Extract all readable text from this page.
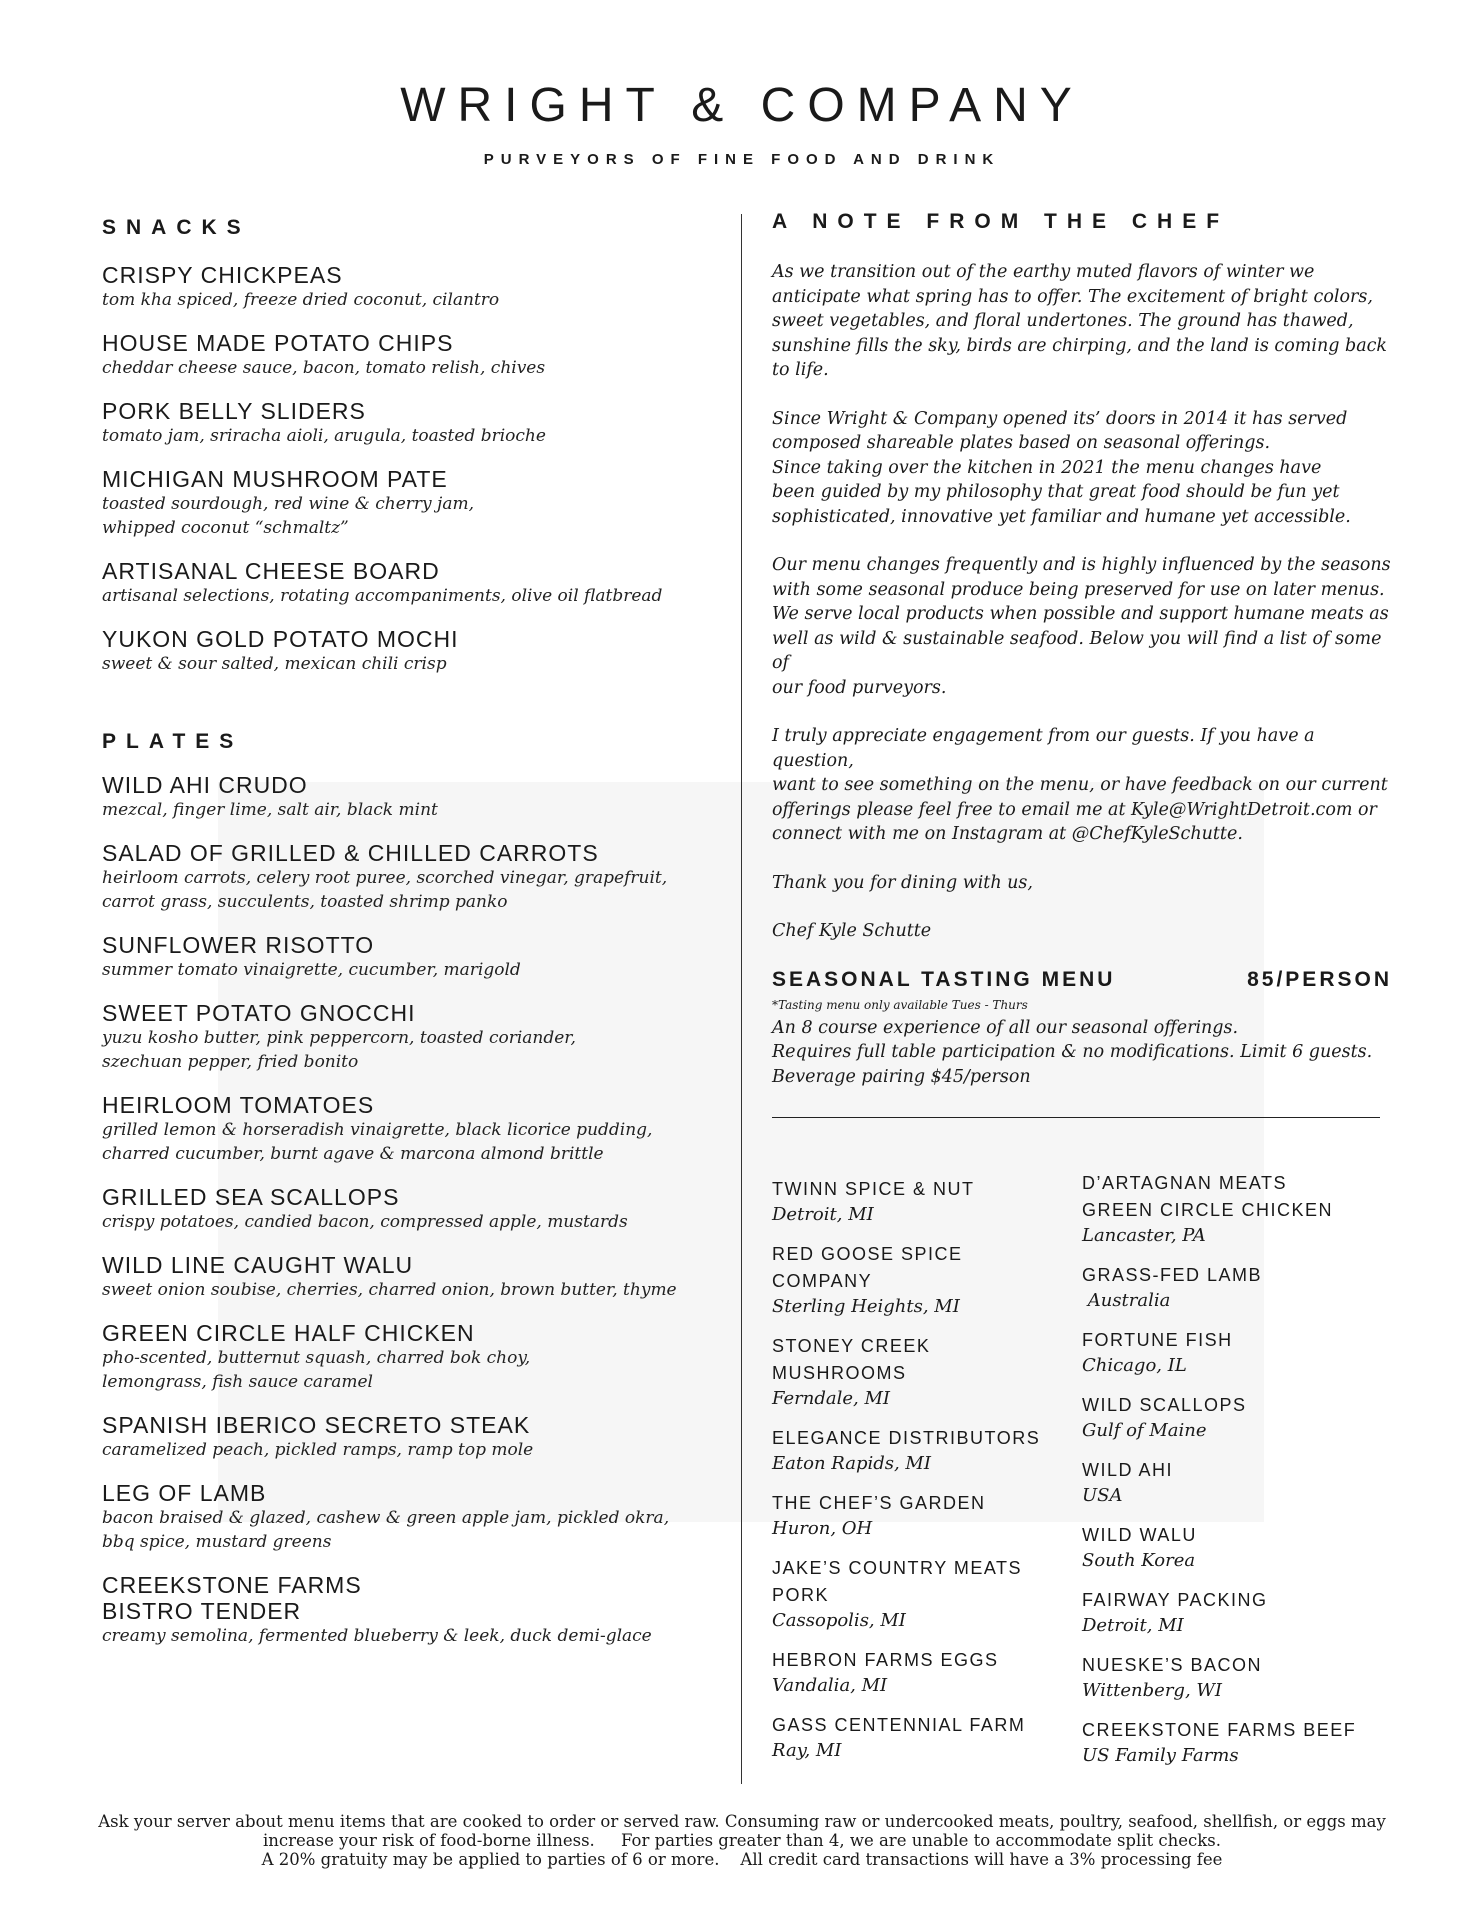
WRIGHT & COMPANY
PURVEYORS OF FINE FOOD AND DRINK
SNACKS
CRISPY CHICKPEAS
tom kha spiced, freeze dried coconut, cilantro
HOUSE MADE POTATO CHIPS
cheddar cheese sauce, bacon, tomato relish, chives
PORK BELLY SLIDERS
tomato jam, sriracha aioli, arugula, toasted brioche
MICHIGAN MUSHROOM PATE
toasted sourdough, red wine & cherry jam,
whipped coconut “schmaltz”
ARTISANAL CHEESE BOARD
artisanal selections, rotating accompaniments, olive oil flatbread
YUKON GOLD POTATO MOCHI
sweet & sour salted, mexican chili crisp
PLATES
WILD AHI CRUDO
mezcal, finger lime, salt air, black mint
SALAD OF GRILLED & CHILLED CARROTS
heirloom carrots, celery root puree, scorched vinegar, grapefruit,
carrot grass, succulents, toasted shrimp panko
SUNFLOWER RISOTTO
summer tomato vinaigrette, cucumber, marigold
SWEET POTATO GNOCCHI
yuzu kosho butter, pink peppercorn, toasted coriander,
szechuan pepper, fried bonito
HEIRLOOM TOMATOES
grilled lemon & horseradish vinaigrette, black licorice pudding,
charred cucumber, burnt agave & marcona almond brittle
GRILLED SEA SCALLOPS
crispy potatoes, candied bacon, compressed apple, mustards
WILD LINE CAUGHT WALU
sweet onion soubise, cherries, charred onion, brown butter, thyme
GREEN CIRCLE HALF CHICKEN
pho-scented, butternut squash, charred bok choy,
lemongrass, fish sauce caramel
SPANISH IBERICO SECRETO STEAK
caramelized peach, pickled ramps, ramp top mole
LEG OF LAMB
bacon braised & glazed, cashew & green apple jam, pickled okra,
bbq spice, mustard greens
CREEKSTONE FARMS
BISTRO TENDER
creamy semolina, fermented blueberry & leek, duck demi-glace
A NOTE FROM THE CHEF

As we transition out of the earthy muted flavors of winter we
anticipate what spring has to offer. The excitement of bright colors,
sweet vegetables, and floral undertones. The ground has thawed,
sunshine fills the sky, birds are chirping, and the land is coming back
to life.

Since Wright & Company opened its’ doors in 2014 it has served
composed shareable plates based on seasonal offerings.
Since taking over the kitchen in 2021 the menu changes have
been guided by my philosophy that great food should be fun yet
sophisticated, innovative yet familiar and humane yet accessible.

Our menu changes frequently and is highly influenced by the seasons
with some seasonal produce being preserved for use on later menus.
We serve local products when possible and support humane meats as
well as wild & sustainable seafood. Below you will find a list of some of
our food purveyors.

I truly appreciate engagement from our guests. If you have a question,
want to see something on the menu, or have feedback on our current
offerings please feel free to email me at Kyle@WrightDetroit.com or
connect with me on Instagram at @ChefKyleSchutte.

Thank you for dining with us,

Chef Kyle Schutte

SEASONAL TASTING MENU	85/PERSON
*Tasting menu only available Tues - Thurs
An 8 course experience of all our seasonal offerings.
Requires full table participation & no modifications. Limit 6 guests.
Beverage pairing $45/person
TWINN SPICE & NUT
Detroit, MI
RED GOOSE SPICE
COMPANY
Sterling Heights, MI
STONEY CREEK
MUSHROOMS
Ferndale, MI
ELEGANCE DISTRIBUTORS
Eaton Rapids, MI
THE CHEF’S GARDEN
Huron, OH
JAKE’S COUNTRY MEATS
PORK
Cassopolis, MI
HEBRON FARMS EGGS
Vandalia, MI
GASS CENTENNIAL FARM
Ray, MI
D’ARTAGNAN MEATS
GREEN CIRCLE CHICKEN
Lancaster, PA
GRASS-FED LAMB
Australia
FORTUNE FISH
Chicago, IL
WILD SCALLOPS
Gulf of Maine
WILD AHI
USA
WILD WALU
South Korea
FAIRWAY PACKING
Detroit, MI
NUESKE’S BACON
Wittenberg, WI
CREEKSTONE FARMS BEEF
US Family Farms
Ask your server about menu items that are cooked to order or served raw. Consuming raw or undercooked meats, poultry, seafood, shellfish, or eggs may
increase your risk of food-borne illness.     For parties greater than 4, we are unable to accommodate split checks.
A 20% gratuity may be applied to parties of 6 or more.    All credit card transactions will have a 3% processing fee
